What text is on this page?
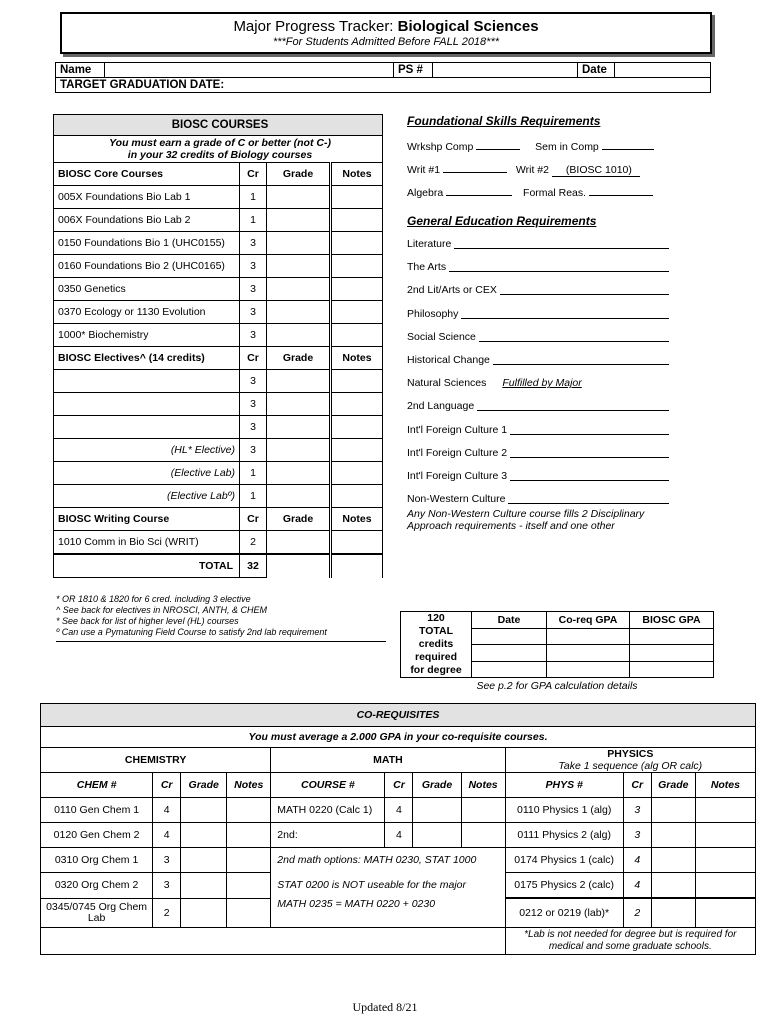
Major Progress Tracker: Biological Sciences
***For Students Admitted Before FALL 2018***
Name		PS #		Date	
TARGET GRADUATION DATE:
BIOSC COURSES			

You must earn a grade of C or better (not C-)
in your 32 credits of Biology courses			

BIOSC Core Courses	Cr	Grade	Notes
005X Foundations Bio Lab 1	1		
006X Foundations Bio Lab 2	1		
0150 Foundations Bio 1 (UHC0155)	3		
0160 Foundations Bio 2 (UHC0165)	3		
0350 Genetics	3		
0370 Ecology or 1130 Evolution	3		
1000* Biochemistry	3		
BIOSC Electives^ (14 credits)	Cr	Grade	Notes
	3		
	3		
	3		
(HL* Elective)	3		
(Elective Lab)	1		
(Elective Labº)	1		
BIOSC Writing Course	Cr	Grade	Notes
1010 Comm in Bio Sci (WRIT)	2		
TOTAL	32		
* OR 1810 & 1820 for 6 cred. including 3 elective
^ See back for electives in NROSCI, ANTH, & CHEM
* See back for list of higher level (HL) courses
º Can use a Pymatuning Field Course to satisfy 2nd lab requirement
Foundational Skills Requirements
Wrkshp Comp	Sem in Comp
Writ #1	Writ #2 (BIOSC 1010)
Algebra	Formal Reas.
General Education Requirements
Literature
The Arts
2nd Lit/Arts or CEX
Philosophy
Social Science
Historical Change
Natural Sciences Fulfilled by Major
2nd Language
Int'l Foreign Culture 1
Int'l Foreign Culture 2
Int'l Foreign Culture 3
Non-Western Culture
Any Non-Western Culture course fills 2 Disciplinary
Approach requirements - itself and one other
120
TOTAL
credits
required
for degree	Date	Co-req GPA	BIOSC GPA

See p.2 for GPA calculation details
CO-REQUISITES											
You must average a 2.000 GPA in your co-requisite courses.											
CHEMISTRY				MATH				PHYSICS
Take 1 sequence (alg OR calc)			

CHEM #	Cr	Grade	Notes	COURSE #	Cr	Grade	Notes	PHYS #	Cr	Grade	Notes
0110 Gen Chem 1	4			MATH 0220 (Calc 1)	4			0110 Physics 1 (alg)	3		
0120 Gen Chem 2	4			2nd:	4			0111 Physics 2 (alg)	3		
0310 Org Chem 1	3			2nd math options: MATH 0230, STAT 1000				0174 Physics 1 (calc)	4		
0320 Org Chem 2	3			STAT 0200 is NOT useable for the major				0175 Physics 2 (calc)	4		
0345/0745 Org Chem Lab	2			MATH 0235 = MATH 0220 + 0230				0212 or 0219 (lab)*	2		
								*Lab is not needed for degree but is required for medical and some graduate schools.			
Updated 8/21
